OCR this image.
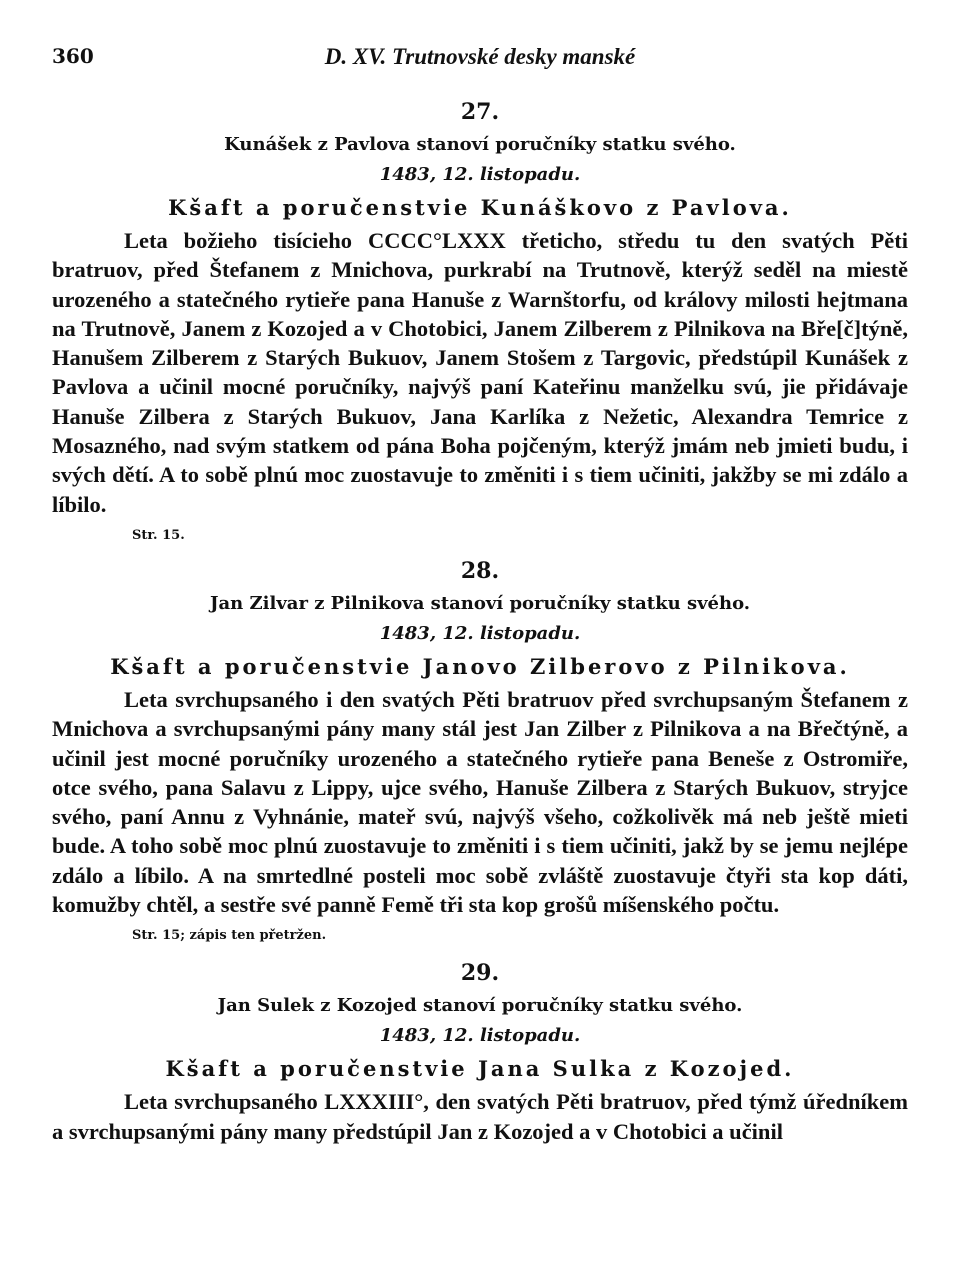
360	D. XV. Trutnovské desky manské

27.

Kunášek z Pavlova stanoví poručníky statku svého.

1483, 12. listopadu.

Kšaft a poručenstvie Kunáškovo z Pavlova.

Leta božieho tisícieho CCCC°LXXX třeticho, středu tu den svatých Pěti bratruov, před Štefanem z Mnichova, purkrabí na Trutnově, kterýž seděl na miestě urozeného a statečného rytieře pana Hanuše z Warnštorfu, od královy milosti hejtmana na Trutnově, Janem z Kozojed a v Chotobici, Janem Zilberem z Pilnikova na Bře[č]týně, Hanušem Zilberem z Starých Bukuov, Janem Stošem z Targovic, předstúpil Kunášek z Pavlova a učinil mocné poručníky, najvýš paní Kateřinu manželku svú, jie přidávaje Hanuše Zilbera z Starých Bukuov, Jana Karlíka z Nežetic, Alexandra Temrice z Mosazného, nad svým statkem od pána Boha pojčeným, kterýž jmám neb jmieti budu, i svých dětí. A to sobě plnú moc zuostavuje to změniti i s tiem učiniti, jakžby se mi zdálo a líbilo.

Str. 15.

28.

Jan Zilvar z Pilnikova stanoví poručníky statku svého.

1483, 12. listopadu.

Kšaft a poručenstvie Janovo Zilberovo z Pilnikova.

Leta svrchupsaného i den svatých Pěti bratruov před svrchupsaným Štefanem z Mnichova a svrchupsanými pány many stál jest Jan Zilber z Pilnikova a na Břečtýně, a učinil jest mocné poručníky urozeného a statečného rytieře pana Beneše z Ostromiře, otce svého, pana Salavu z Lippy, ujce svého, Hanuše Zilbera z Starých Bukuov, stryjce svého, paní Annu z Vyhnánie, mateř svú, najvýš všeho, cožkolivěk má neb ještě mieti bude. A toho sobě moc plnú zuostavuje to změniti i s tiem učiniti, jakž by se jemu nejlépe zdálo a líbilo. A na smrtedlné posteli moc sobě zvláště zuostavuje čtyři sta kop dáti, komužby chtěl, a sestře své panně Femě tři sta kop grošů míšenského počtu.

Str. 15; zápis ten přetržen.

29.

Jan Sulek z Kozojed stanoví poručníky statku svého.

1483, 12. listopadu.

Kšaft a poručenstvie Jana Sulka z Kozojed.

Leta svrchupsaného LXXXIII°, den svatých Pěti bratruov, před týmž úředníkem a svrchupsanými pány many předstúpil Jan z Kozojed a v Chotobici a učinil
